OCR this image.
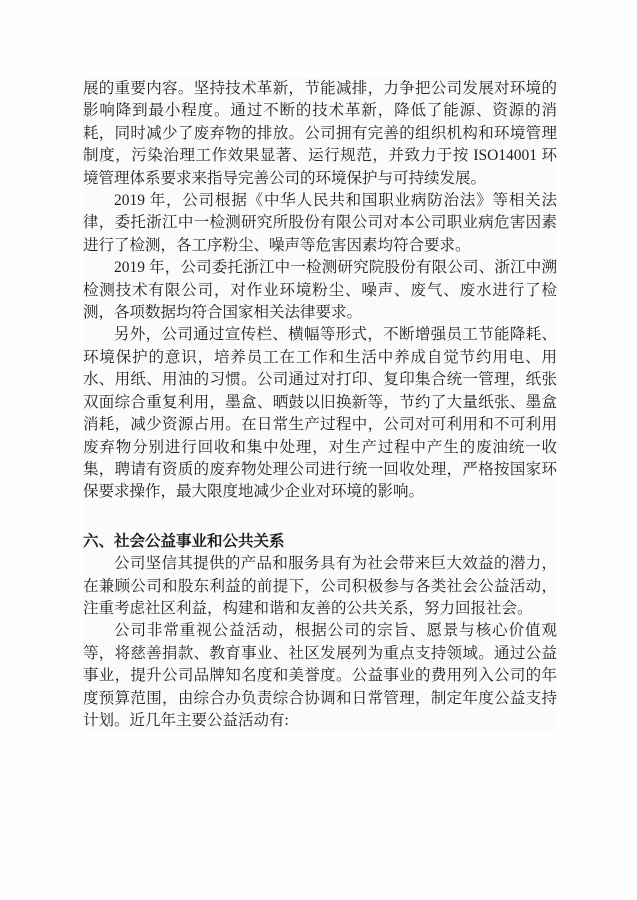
展的重要内容。坚持技术革新，节能减排，力争把公司发展对环境的影响降到最小程度。通过不断的技术革新，降低了能源、资源的消耗，同时减少了废弃物的排放。公司拥有完善的组织机构和环境管理制度，污染治理工作效果显著、运行规范，并致力于按 ISO14001 环境管理体系要求来指导完善公司的环境保护与可持续发展。

2019 年，公司根据《中华人民共和国职业病防治法》等相关法律，委托浙江中一检测研究所股份有限公司对本公司职业病危害因素进行了检测，各工序粉尘、噪声等危害因素均符合要求。

2019 年，公司委托浙江中一检测研究院股份有限公司、浙江中溯检测技术有限公司，对作业环境粉尘、噪声、废气、废水进行了检测，各项数据均符合国家相关法律要求。

另外，公司通过宣传栏、横幅等形式，不断增强员工节能降耗、环境保护的意识，培养员工在工作和生活中养成自觉节约用电、用水、用纸、用油的习惯。公司通过对打印、复印集合统一管理，纸张双面综合重复利用，墨盒、晒鼓以旧换新等，节约了大量纸张、墨盒消耗，减少资源占用。在日常生产过程中，公司对可利用和不可利用废弃物分别进行回收和集中处理，对生产过程中产生的废油统一收集，聘请有资质的废弃物处理公司进行统一回收处理，严格按国家环保要求操作，最大限度地减少企业对环境的影响。

六、社会公益事业和公共关系

公司坚信其提供的产品和服务具有为社会带来巨大效益的潜力，在兼顾公司和股东利益的前提下，公司积极参与各类社会公益活动，注重考虑社区利益，构建和谐和友善的公共关系，努力回报社会。

公司非常重视公益活动，根据公司的宗旨、愿景与核心价值观等，将慈善捐款、教育事业、社区发展列为重点支持领域。通过公益事业，提升公司品牌知名度和美誉度。公益事业的费用列入公司的年度预算范围，由综合办负责综合协调和日常管理，制定年度公益支持计划。近几年主要公益活动有:
